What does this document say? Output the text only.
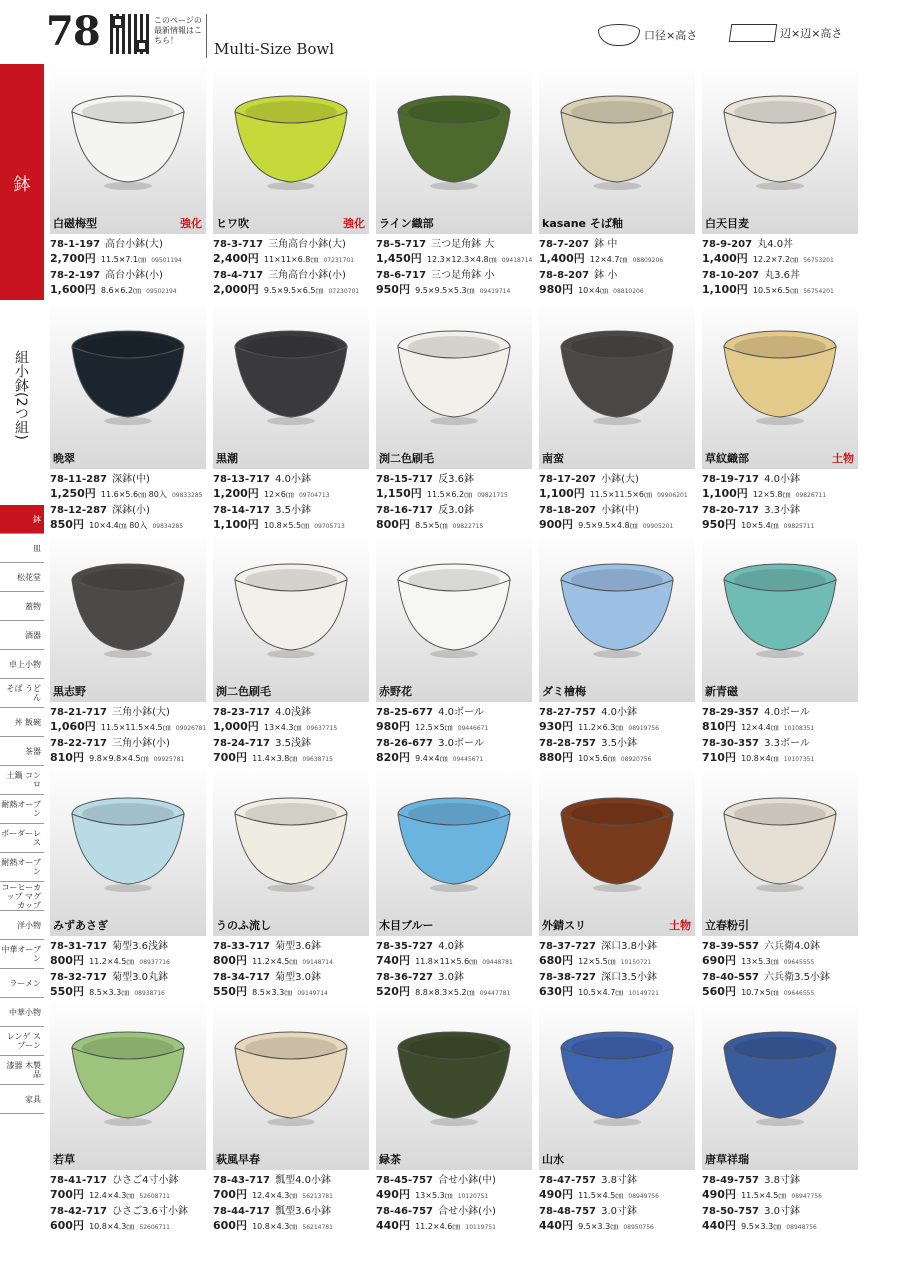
78	このページの最新情報はこちら！	Multi-Size Bowl
口径×高さ	辺×辺×高さ
鉢
組小鉢(2つ組)
鉢
皿
松花堂
蓋物
酒器
卓上小物
そば うどん
丼 飯碗
茶器
土鍋 コンロ
耐熱オーブン
ボーダーレス
耐熱オーブン
コーヒーカップ マグカップ
洋小物
中華オーブン
ラーメン
中華小物
レンゲ スプーン
漆器 木製品
家具
白磁梅型	強化
78-1-197 高台小鉢(大)
2,700円 11.5×7.1㎝ 09501194
78-2-197 高台小鉢(小)
1,600円 8.6×6.2㎝ 09502194
ヒワ吹	強化
78-3-717 三角高台小鉢(大)
2,400円 11×11×6.8㎝ 07231701
78-4-717 三角高台小鉢(小)
2,000円 9.5×9.5×6.5㎝ 07230701
ライン織部
78-5-717 三つ足角鉢 大
1,450円 12.3×12.3×4.8㎝ 09418714
78-6-717 三つ足角鉢 小
950円 9.5×9.5×5.3㎝ 09419714
kasane そば釉
78-7-207 鉢 中
1,400円 12×4.7㎝ 08809206
78-8-207 鉢 小
980円 10×4㎝ 08810206
白天目麦
78-9-207 丸4.0丼
1,400円 12.2×7.2㎝ 56753201
78-10-207 丸3.6丼
1,100円 10.5×6.5㎝ 56754201
晩翠
78-11-287 深鉢(中)
1,250円 11.6×5.6㎝ 80入 09833285
78-12-287 深鉢(小)
850円 10×4.4㎝ 80入 09834285
黒潮
78-13-717 4.0小鉢
1,200円 12×6㎝ 09704713
78-14-717 3.5小鉢
1,100円 10.8×5.5㎝ 09705713
渕二色刷毛
78-15-717 反3.6鉢
1,150円 11.5×6.2㎝ 09821715
78-16-717 反3.0鉢
800円 8.5×5㎝ 09822715
南蛮
78-17-207 小鉢(大)
1,100円 11.5×11.5×6㎝ 09906201
78-18-207 小鉢(中)
900円 9.5×9.5×4.8㎝ 09905201
草紋織部	土物
78-19-717 4.0小鉢
1,100円 12×5.8㎝ 09826711
78-20-717 3.3小鉢
950円 10×5.4㎝ 09825711
黒志野
78-21-717 三角小鉢(大)
1,060円 11.5×11.5×4.5㎝ 09926781
78-22-717 三角小鉢(小)
810円 9.8×9.8×4.5㎝ 09925781
渕二色刷毛
78-23-717 4.0浅鉢
1,000円 13×4.3㎝ 09637715
78-24-717 3.5浅鉢
700円 11.4×3.8㎝ 09638715
赤野花
78-25-677 4.0ボール
980円 12.5×5㎝ 09446671
78-26-677 3.0ボール
820円 9.4×4㎝ 09445671
ダミ檜梅
78-27-757 4.0小鉢
930円 11.2×6.3㎝ 08919756
78-28-757 3.5小鉢
880円 10×5.6㎝ 08920756
新青磁
78-29-357 4.0ボール
810円 12×4.4㎝ 10108351
78-30-357 3.3ボール
710円 10.8×4㎝ 10107351
みずあさぎ
78-31-717 菊型3.6浅鉢
800円 11.2×4.5㎝ 08937716
78-32-717 菊型3.0丸鉢
550円 8.5×3.3㎝ 08938716
うのふ流し
78-33-717 菊型3.6鉢
800円 11.2×4.5㎝ 09148714
78-34-717 菊型3.0鉢
550円 8.5×3.3㎝ 09149714
木目ブルー
78-35-727 4.0鉢
740円 11.8×11×5.6㎝ 09448781
78-36-727 3.0鉢
520円 8.8×8.3×5.2㎝ 09447781
外錆スリ	土物
78-37-727 深口3.8小鉢
680円 12×5.5㎝ 10150721
78-38-727 深口3.5小鉢
630円 10.5×4.7㎝ 10149721
立春粉引
78-39-557 六兵衛4.0鉢
690円 13×5.3㎝ 09645555
78-40-557 六兵衛3.5小鉢
560円 10.7×5㎝ 09646555
若草
78-41-717 ひさご4寸小鉢
700円 12.4×4.3㎝ 52608711
78-42-717 ひさご3.6寸小鉢
600円 10.8×4.3㎝ 52606711
萩風早春
78-43-717 瓢型4.0小鉢
700円 12.4×4.3㎝ 56213781
78-44-717 瓢型3.6小鉢
600円 10.8×4.3㎝ 56214781
緑茶
78-45-757 合せ小鉢(中)
490円 13×5.3㎝ 10120751
78-46-757 合せ小鉢(小)
440円 11.2×4.6㎝ 10119751
山水
78-47-757 3.8寸鉢
490円 11.5×4.5㎝ 08949756
78-48-757 3.0寸鉢
440円 9.5×3.3㎝ 08950756
唐草祥瑞
78-49-757 3.8寸鉢
490円 11.5×4.5㎝ 08947756
78-50-757 3.0寸鉢
440円 9.5×3.3㎝ 08948756
